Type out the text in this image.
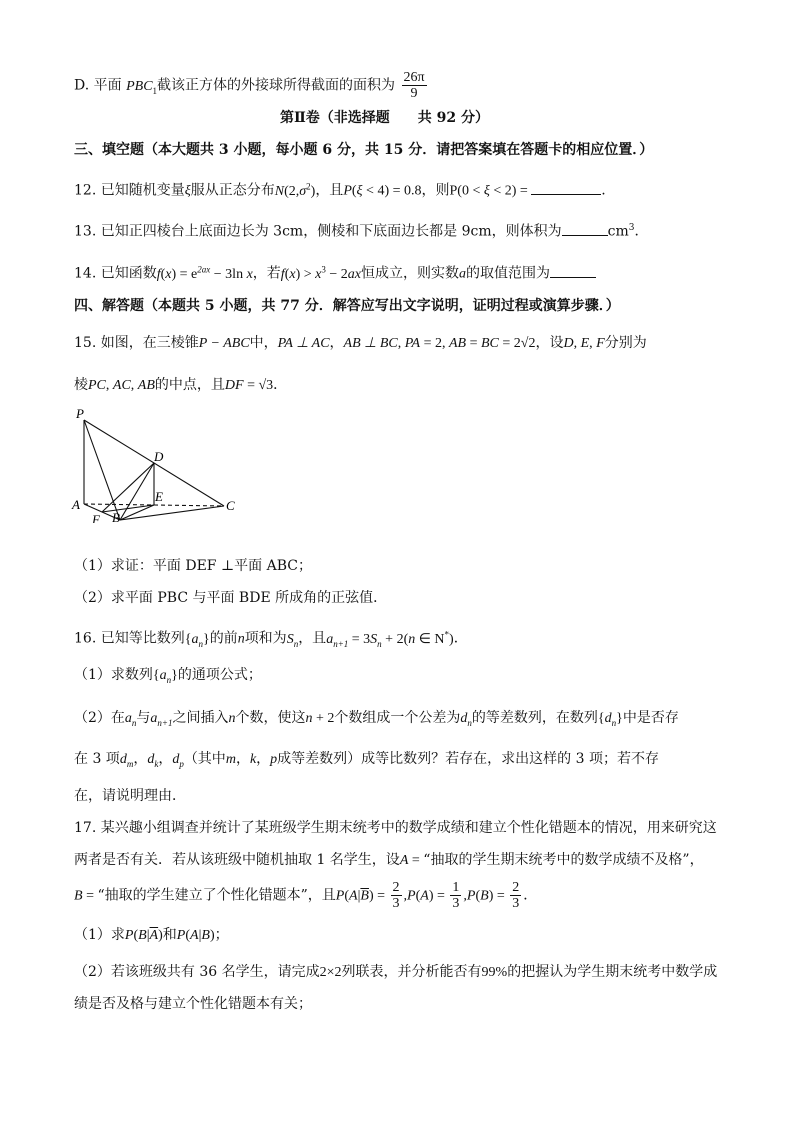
D. 平面 $PBC_1$截该正方体的外接球所得截面的面积为 $\frac{26\pi}{9}$
第Ⅱ卷（非选择题　　共 92 分）
三、填空题（本大题共 3 小题，每小题 6 分，共 15 分．请把答案填在答题卡的相应位置．）
12. 已知随机变量ξ服从正态分布$N(2,\sigma^2)$，且P(ξ < 4) = 0.8，则P(0 < ξ < 2) =	.
13. 已知正四棱台上底面边长为 3cm，侧棱和下底面边长都是 9cm，则体积为	$cm^3$．
14. 已知函数$f(x) = e^{2ax} - 3\ln$ x，若$f(x) > x^3 - 2ax$恒成立，则实数a的取值范围为
四、解答题（本题共 5 小题，共 77 分．解答应写出文字说明，证明过程或演算步骤．）
15. 如图，在三棱锥P − ABC中，PA ⊥ AC，AB ⊥ BC, PA = 2, AB = BC = 2√2，设D, E, F分别为
棱PC, AC, AB的中点，且DF = √3．
P
D
E
A
F B
C
（1）求证：平面 DEF ⊥平面 ABC；
（2）求平面 PBC 与平面 BDE 所成角的正弦值．
16. 已知等比数列$\{a_n\}$的前n项和为$S_n$，且$a_{n+1} = 3S_n + 2(n$ ∈ N*)．
（1）求数列$\{a_n\}$的通项公式；
（2）在$a_n$与$a_{n+1}$之间插入n个数，使这n + 2个数组成一个公差为$d_n$的等差数列，在数列$\{d_n\}$中是否存
在 3 项$d_m$，$d_k$，$d_p$（其中m，k，p成等差数列）成等比数列？若存在，求出这样的 3 项；若不存
在，请说明理由．
17. 某兴趣小组调查并统计了某班级学生期末统考中的数学成绩和建立个性化错题本的情况，用来研究这
两者是否有关．若从该班级中随机抽取 1 名学生，设A = “抽取的学生期末统考中的数学成绩不及格”，
B = “抽取的学生建立了个性化错题本”，且$P(A|\overline{B}) = \frac{2}{3} ,P(A) = \frac{1}{3} ,P(B) = \frac{2}{3}$ ．
（1）求$P(B|\overline{A})$和P(A|B)；
（2）若该班级共有 36 名学生，请完成2×2列联表，并分析能否有99%的把握认为学生期末统考中数学成
绩是否及格与建立个性化错题本有关；
